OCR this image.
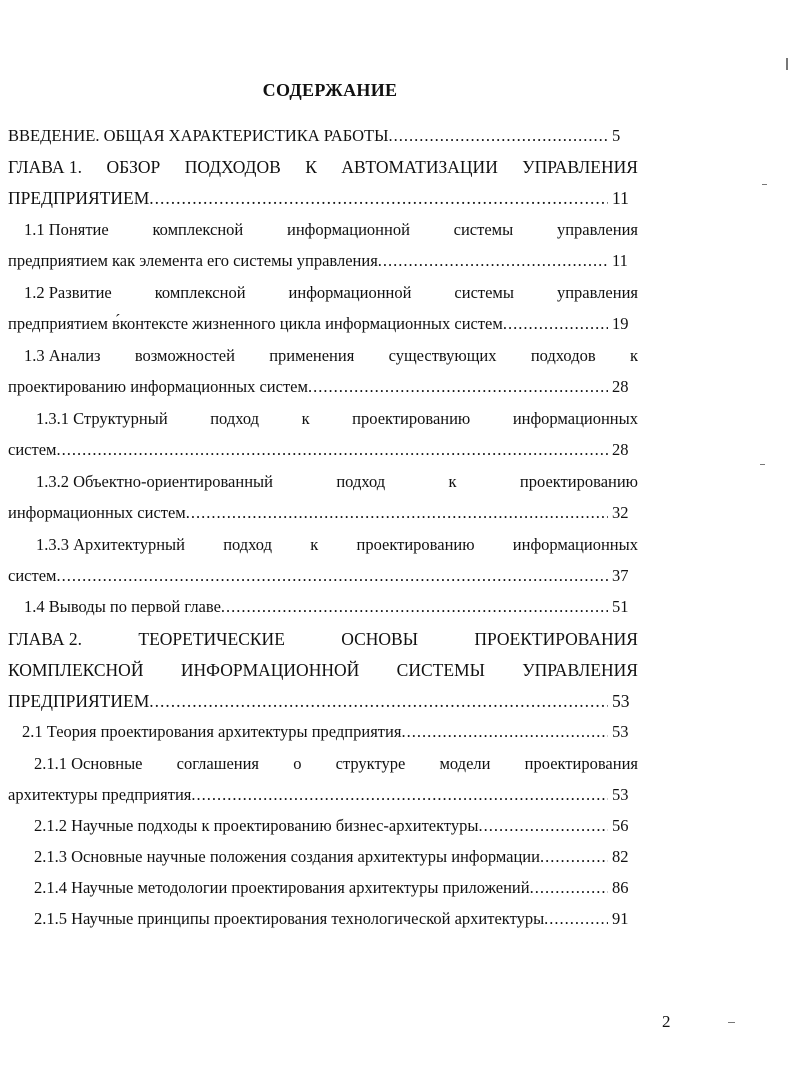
СОДЕРЖАНИЕ
ВВЕДЕНИЕ. ОБЩАЯ ХАРАКТЕРИСТИКА РАБОТЫ .....	5
ГЛАВА 1. ОБЗОР ПОДХОДОВ К АВТОМАТИЗАЦИИ УПРАВЛЕНИЯ
ПРЕДПРИЯТИЕМ .....	11
1.1 Понятие	комплексной	информационной	системы	управления
предприятием как элемента его системы управления .....	11
1.2 Развитие	комплексной	информационной	системы	управления
предприятием в́контексте жизненного цикла информационных систем .....	19
1.3 Анализ возможностей применения существующих подходов к
проектированию информационных систем .....	28
1.3.1 Структурный	подход	к	проектированию	информационных
систем .....	28
1.3.2 Объектно-ориентированный	подход	к	проектированию
информационных систем .....	32
1.3.3 Архитектурный подход к проектированию информационных
систем .....	37
1.4 Выводы по первой главе .....	51
ГЛАВА 2.	ТЕОРЕТИЧЕСКИЕ	ОСНОВЫ	ПРОЕКТИРОВАНИЯ
КОМПЛЕКСНОЙ ИНФОРМАЦИОННОЙ СИСТЕМЫ УПРАВЛЕНИЯ
ПРЕДПРИЯТИЕМ .....	53
2.1 Теория проектирования архитектуры предприятия .....	53
2.1.1 Основные соглашения о структуре модели проектирования
архитектуры предприятия .....	53
2.1.2 Научные подходы к проектированию бизнес-архитектуры .....	56
2.1.3 Основные научные положения создания архитектуры информации .....	82
2.1.4 Научные методологии проектирования архитектуры приложений .....	86
2.1.5 Научные принципы проектирования технологической архитектуры .....	91
2
